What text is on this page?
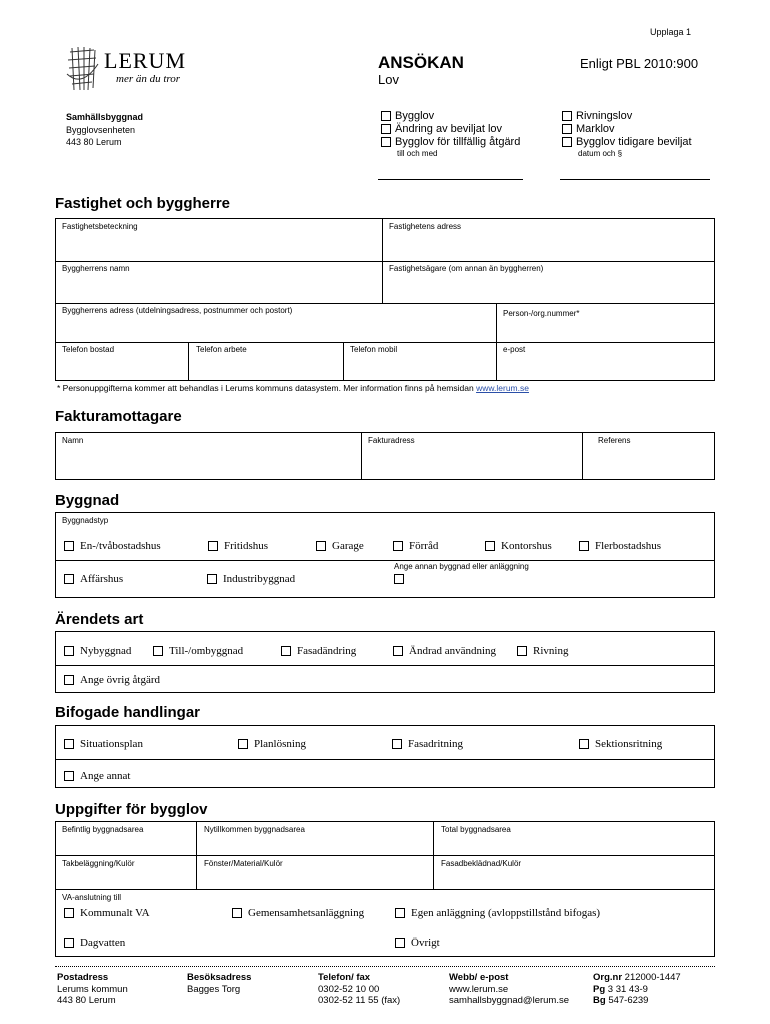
Upplaga 1
LERUM
mer än du tror
ANSÖKAN
Lov
Enligt PBL 2010:900
Samhällsbyggnad
Bygglovsenheten
443 80 Lerum
Bygglov
Ändring av beviljat lov
Bygglov för tillfällig åtgärd
till och med
Rivningslov
Marklov
Bygglov tidigare beviljat
datum och §
Fastighet och byggherre
Fastighetsbeteckning	Fastighetens adress
Byggherrens namn	Fastighetsägare (om annan än byggherren)
Byggherrens adress (utdelningsadress, postnummer och postort)	Person-/org.nummer*
Telefon bostad	Telefon arbete	Telefon mobil	e-post
* Personuppgifterna kommer att behandlas i Lerums kommuns datasystem. Mer information finns på hemsidan www.lerum.se
Fakturamottagare
Namn	Fakturadress	Referens
Byggnad
Byggnadstyp
Ange annan byggnad eller anläggning
En-/tvåbostadshus	Fritidshus	Garage	Förråd	Kontorshus	Flerbostadshus
Affärshus	Industribyggnad
Ärendets art
Nybyggnad	Till-/ombyggnad	Fasadändring	Ändrad användning	Rivning
Ange övrig åtgärd
Bifogade handlingar
Situationsplan	Planlösning	Fasadritning	Sektionsritning
Ange annat
Uppgifter för bygglov
Befintlig byggnadsarea	Nytillkommen byggnadsarea	Total byggnadsarea
Takbeläggning/Kulör	Fönster/Material/Kulör	Fasadbeklädnad/Kulör
VA-anslutning till
Kommunalt VA	Gemensamhetsanläggning	Egen anläggning (avloppstillstånd bifogas)
Dagvatten	Övrigt
Postadress
Lerums kommun
443 80 Lerum
Besöksadress
Bagges Torg
Telefon/ fax
0302-52 10 00
0302-52 11 55 (fax)
Webb/ e-post
www.lerum.se
samhallsbyggnad@lerum.se
Org.nr 212000-1447
Pg 3 31 43-9
Bg 547-6239
